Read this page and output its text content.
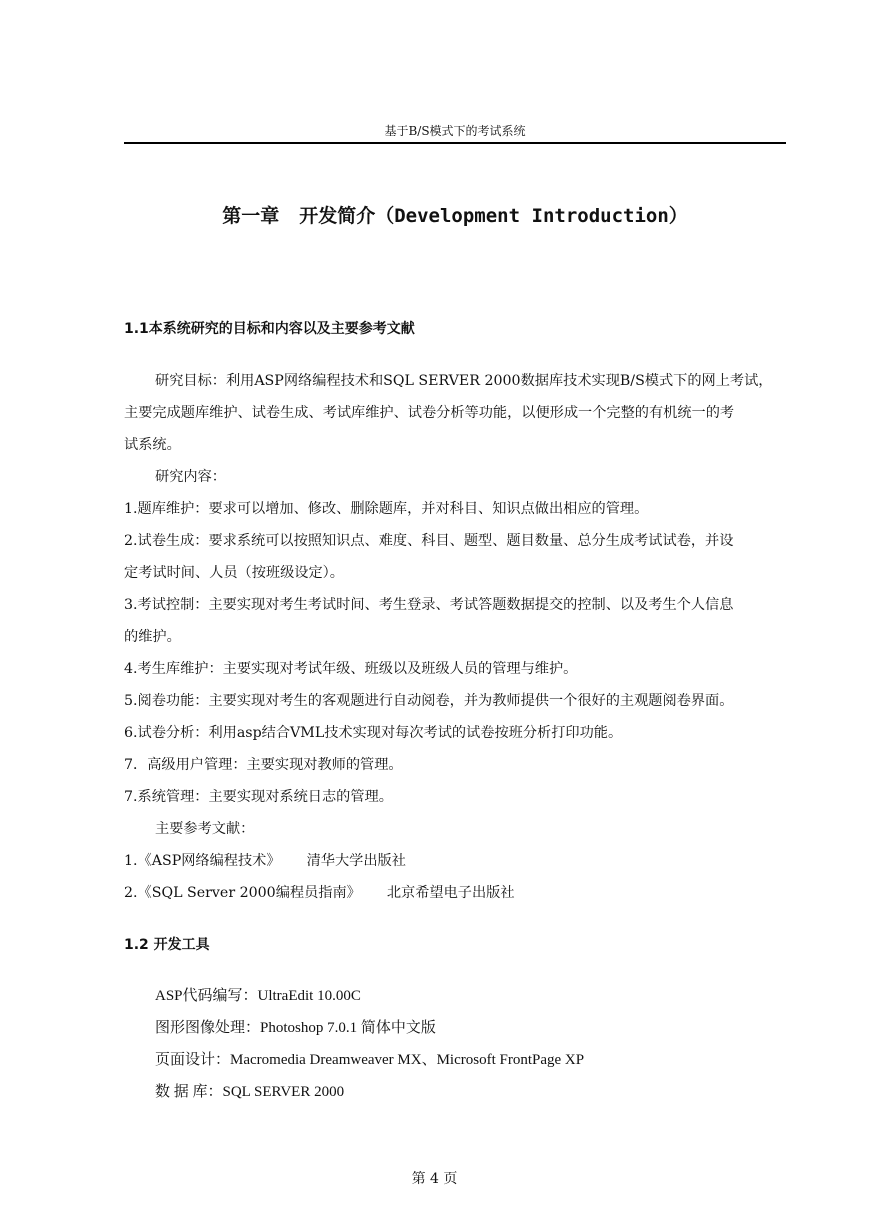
基于B/S模式下的考试系统
第一章 开发简介（Development Introduction）
1.1本系统研究的目标和内容以及主要参考文献

研究目标：利用ASP网络编程技术和SQL SERVER 2000数据库技术实现B/S模式下的网上考试，

主要完成题库维护、试卷生成、考试库维护、试卷分析等功能，以便形成一个完整的有机统一的考

试系统。

研究内容：

1.题库维护：要求可以增加、修改、删除题库，并对科目、知识点做出相应的管理。

2.试卷生成：要求系统可以按照知识点、难度、科目、题型、题目数量、总分生成考试试卷，并设

定考试时间、人员（按班级设定）。

3.考试控制：主要实现对考生考试时间、考生登录、考试答题数据提交的控制、以及考生个人信息

的维护。

4.考生库维护：主要实现对考试年级、班级以及班级人员的管理与维护。

5.阅卷功能：主要实现对考生的客观题进行自动阅卷，并为教师提供一个很好的主观题阅卷界面。

6.试卷分析：利用asp结合VML技术实现对每次考试的试卷按班分析打印功能。

7．高级用户管理：主要实现对教师的管理。

7.系统管理：主要实现对系统日志的管理。

主要参考文献：

1.《ASP网络编程技术》 清华大学出版社

2.《SQL Server 2000编程员指南》 北京希望电子出版社

1.2 开发工具

ASP代码编写：UltraEdit 10.00C

图形图像处理：Photoshop 7.0.1 简体中文版

页面设计：Macromedia Dreamweaver MX、Microsoft FrontPage XP

数 据 库：SQL SERVER 2000

第 4 页
